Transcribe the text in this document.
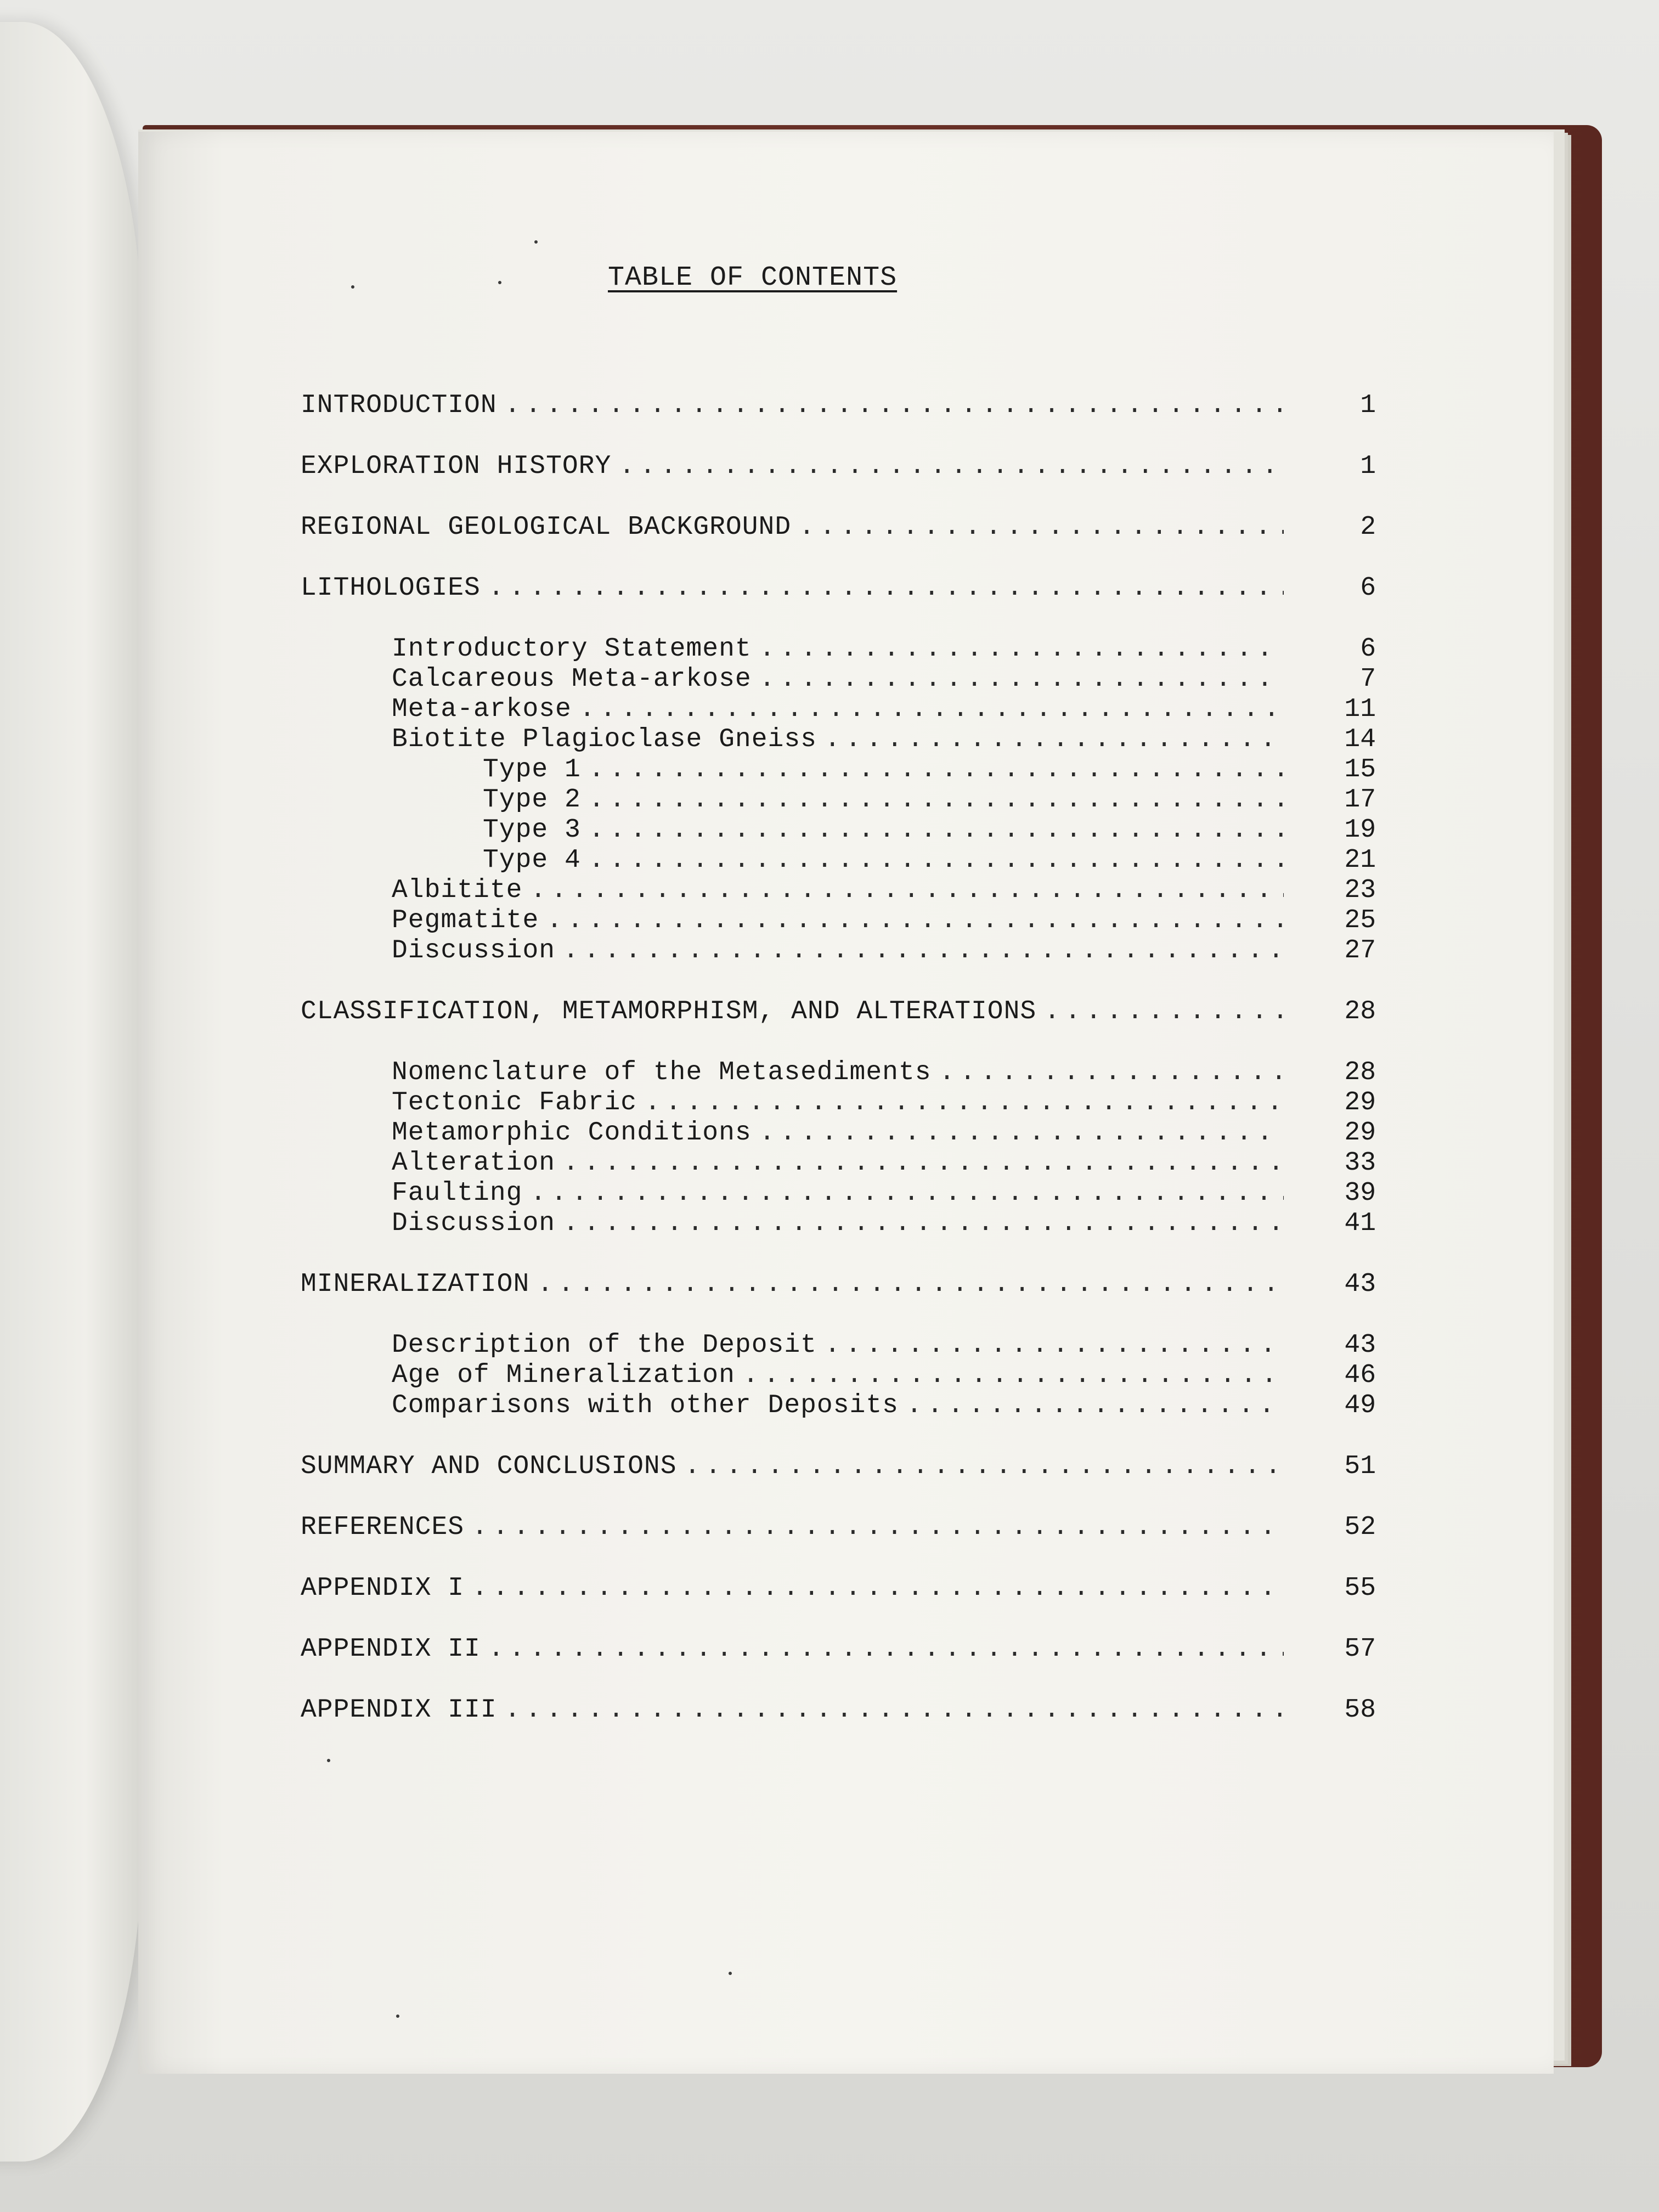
TABLE OF CONTENTS
INTRODUCTION .....	1
EXPLORATION HISTORY .....	1
REGIONAL GEOLOGICAL BACKGROUND .....	2
LITHOLOGIES .....	6
Introductory Statement .....	6
Calcareous Meta-arkose .....	7
Meta-arkose .....	11
Biotite Plagioclase Gneiss .....	14
Type 1 .....	15
Type 2 .....	17
Type 3 .....	19
Type 4 .....	21
Albitite .....	23
Pegmatite .....	25
Discussion .....	27
CLASSIFICATION, METAMORPHISM, AND ALTERATIONS .....	28
Nomenclature of the Metasediments .....	28
Tectonic Fabric .....	29
Metamorphic Conditions .....	29
Alteration .....	33
Faulting .....	39
Discussion .....	41
MINERALIZATION .....	43
Description of the Deposit .....	43
Age of Mineralization .....	46
Comparisons with other Deposits .....	49
SUMMARY AND CONCLUSIONS .....	51
REFERENCES .....	52
APPENDIX I .....	55
APPENDIX II .....	57
APPENDIX III .....	58
